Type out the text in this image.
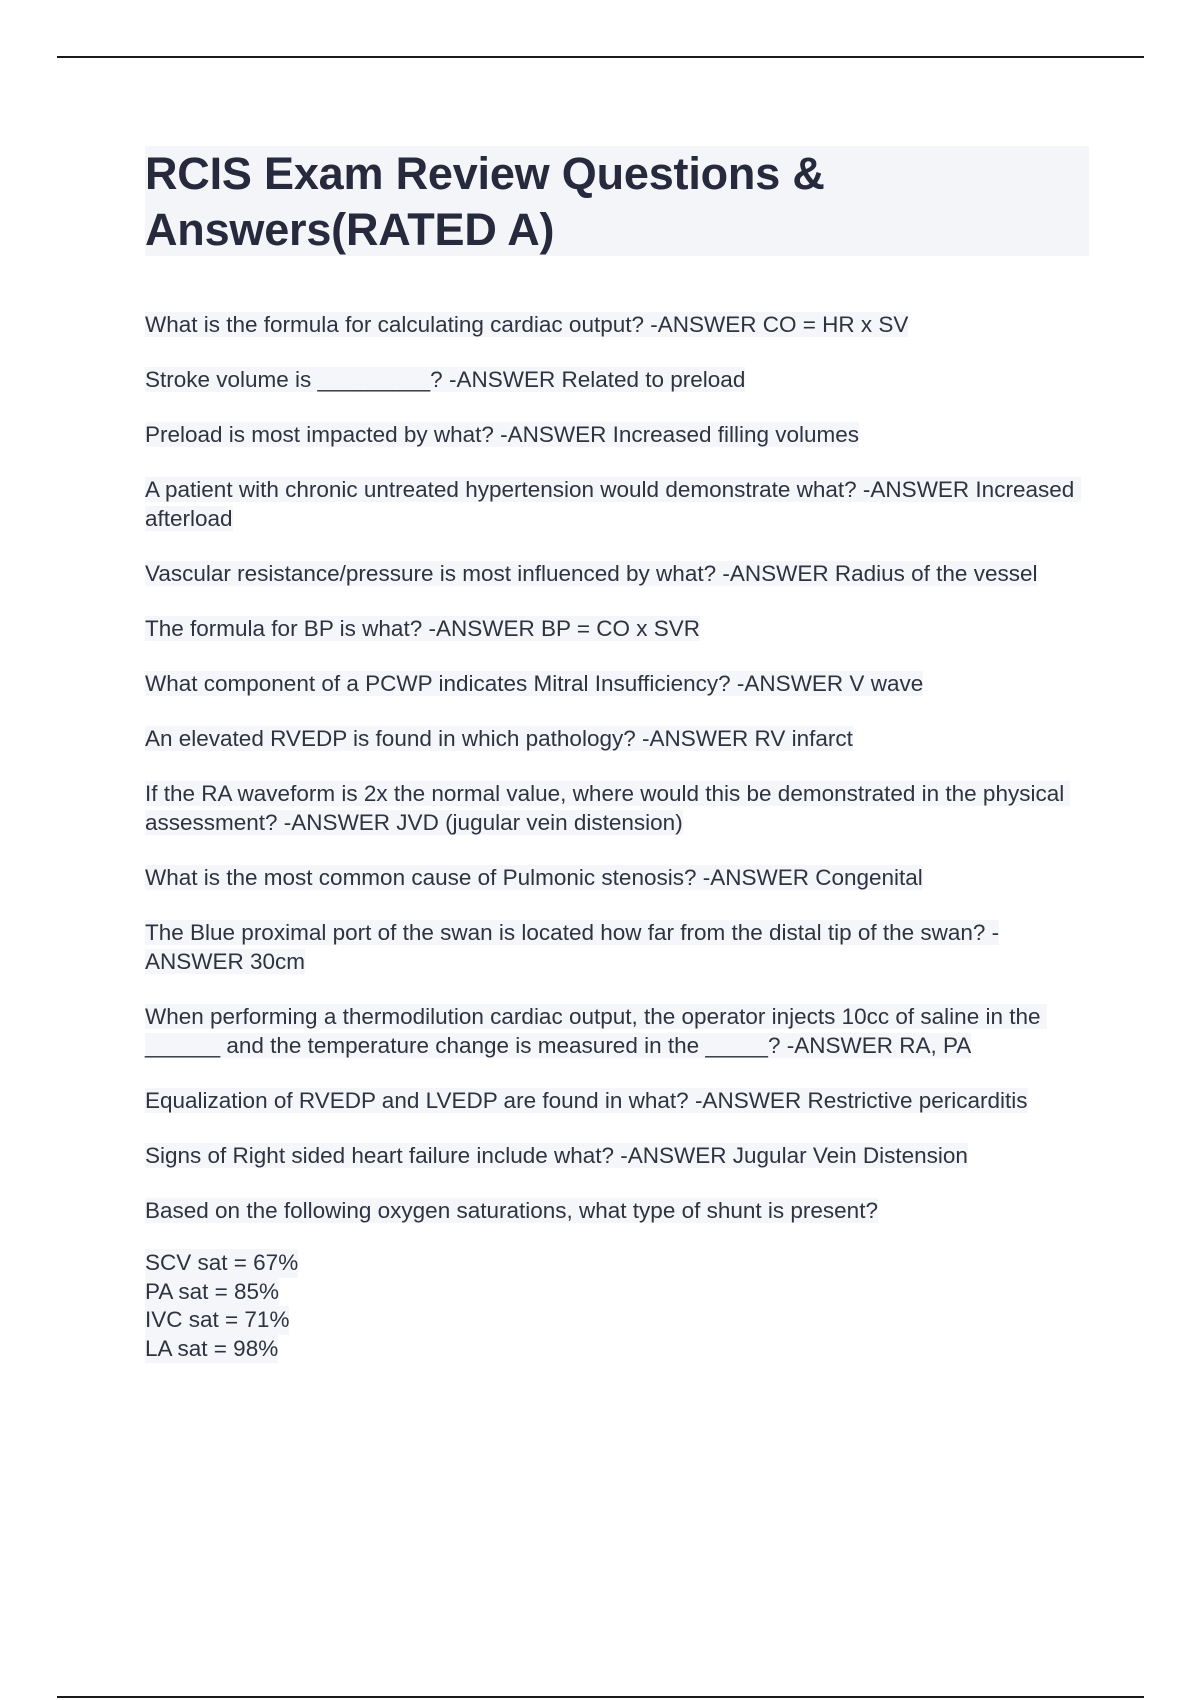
RCIS Exam Review Questions & Answers(RATED A)

What is the formula for calculating cardiac output? -ANSWER CO = HR x SV

Stroke volume is _________? -ANSWER Related to preload

Preload is most impacted by what? -ANSWER Increased filling volumes

A patient with chronic untreated hypertension would demonstrate what? -ANSWER Increased afterload

Vascular resistance/pressure is most influenced by what? -ANSWER Radius of the vessel

The formula for BP is what? -ANSWER BP = CO x SVR

What component of a PCWP indicates Mitral Insufficiency? -ANSWER V wave

An elevated RVEDP is found in which pathology? -ANSWER RV infarct

If the RA waveform is 2x the normal value, where would this be demonstrated in the physical assessment? -ANSWER JVD (jugular vein distension)

What is the most common cause of Pulmonic stenosis? -ANSWER Congenital

The Blue proximal port of the swan is located how far from the distal tip of the swan? -ANSWER 30cm

When performing a thermodilution cardiac output, the operator injects 10cc of saline in the ______ and the temperature change is measured in the _____? -ANSWER RA, PA

Equalization of RVEDP and LVEDP are found in what? -ANSWER Restrictive pericarditis

Signs of Right sided heart failure include what? -ANSWER Jugular Vein Distension

Based on the following oxygen saturations, what type of shunt is present?

SCV sat = 67%
PA sat = 85%
IVC sat = 71%
LA sat = 98%
